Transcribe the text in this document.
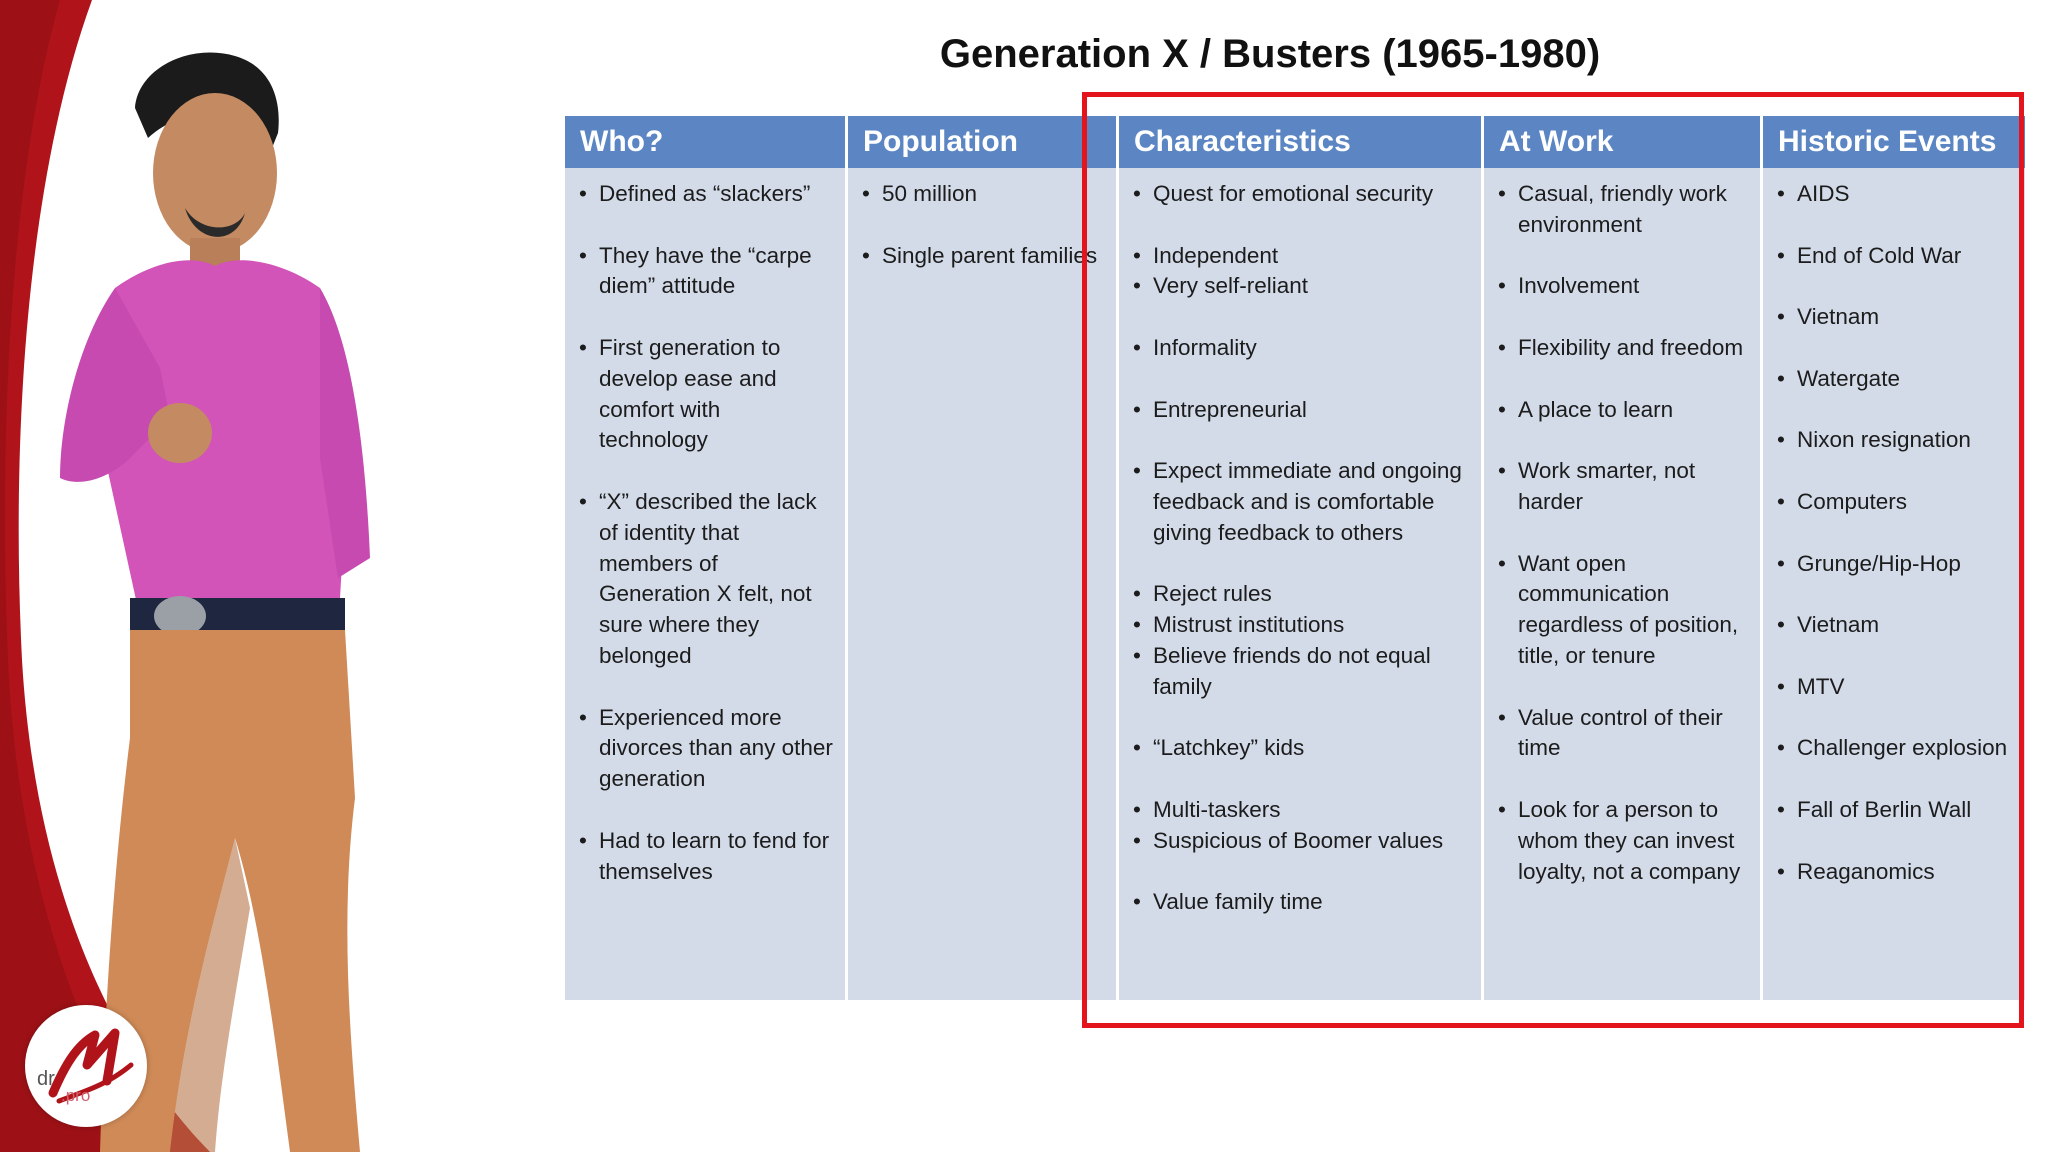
dr
.pro
Generation X / Busters (1965-1980)
Who?
• Defined as “slackers”
• They have the “carpe diem” attitude
• First generation to develop ease and comfort with technology
• “X” described the lack of identity that members of Generation X felt, not sure where they belonged
• Experienced more divorces than any other generation
• Had to learn to fend for themselves
Population
• 50 million
• Single parent families
Characteristics
• Quest for emotional security
• Independent
• Very self-reliant
• Informality
• Entrepreneurial
• Expect immediate and ongoing feedback and is comfortable giving feedback to others
• Reject rules
• Mistrust institutions
• Believe friends do not equal family
• “Latchkey” kids
• Multi-taskers
• Suspicious of Boomer values
• Value family time
At Work
• Casual, friendly work environment
• Involvement
• Flexibility and freedom
• A place to learn
• Work smarter, not harder
• Want open communication regardless of position, title, or tenure
• Value control of their time
• Look for a person to whom they can invest loyalty, not a company
Historic Events
• AIDS
• End of Cold War
• Vietnam
• Watergate
• Nixon resignation
• Computers
• Grunge/Hip-Hop
• Vietnam
• MTV
• Challenger explosion
• Fall of Berlin Wall
• Reaganomics
